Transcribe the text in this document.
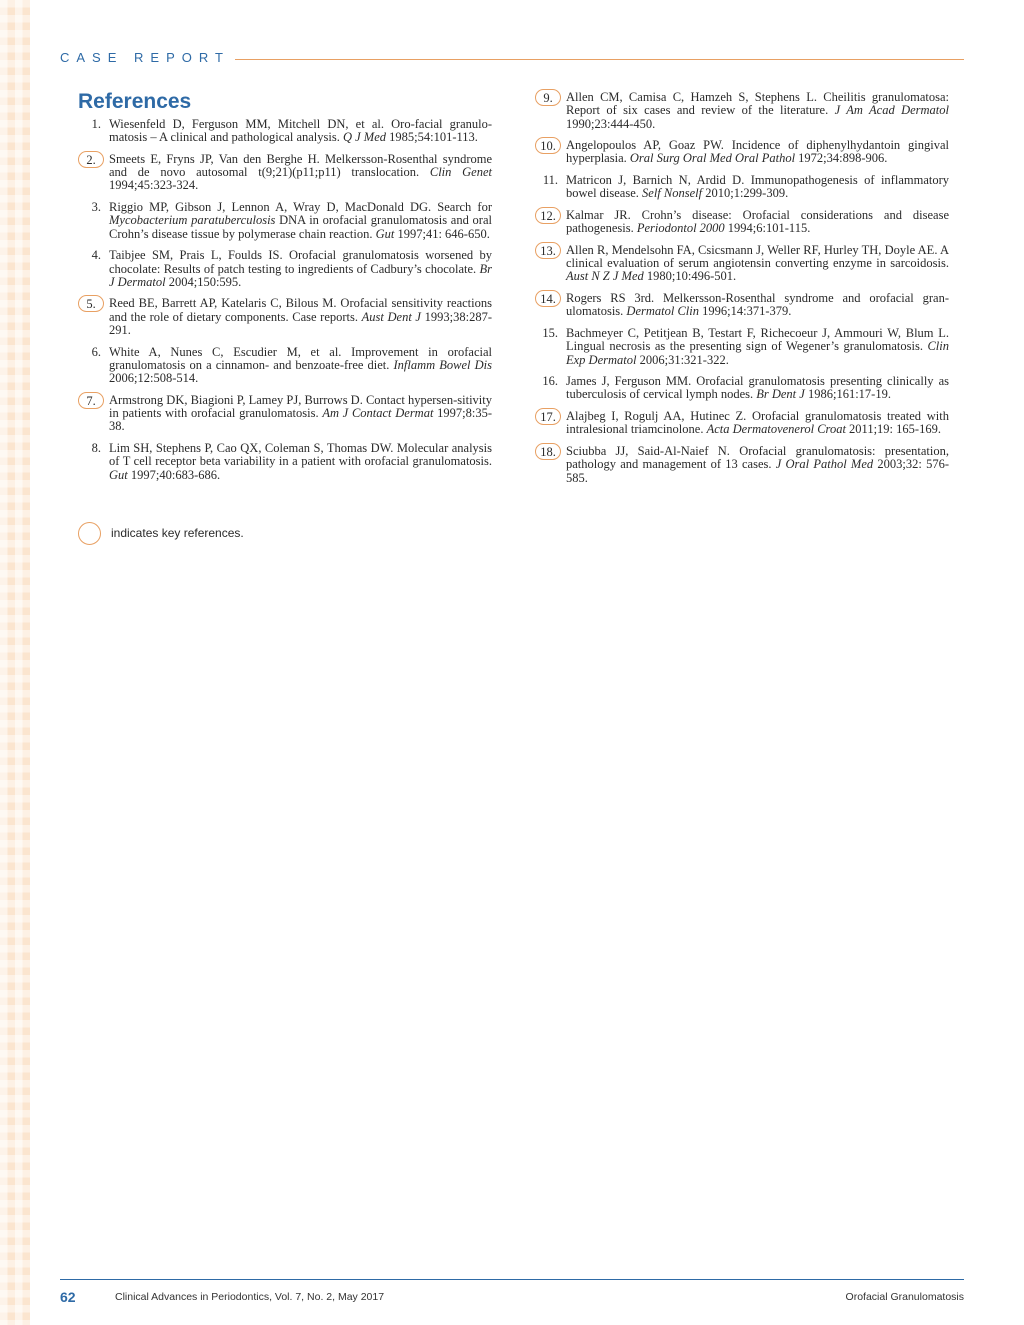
CASE REPORT
References
1. Wiesenfeld D, Ferguson MM, Mitchell DN, et al. Oro-facial granulo-matosis – A clinical and pathological analysis. Q J Med 1985;54:101-113.
2.	Smeets E, Fryns JP, Van den Berghe H. Melkersson-Rosenthal syndrome and de novo autosomal t(9;21)(p11;p11) translocation. Clin Genet 1994;45:323-324.
3. Riggio MP, Gibson J, Lennon A, Wray D, MacDonald DG. Search for Mycobacterium paratuberculosis DNA in orofacial granulomatosis and oral Crohn’s disease tissue by polymerase chain reaction. Gut 1997;41: 646-650.
4. Taibjee SM, Prais L, Foulds IS. Orofacial granulomatosis worsened by chocolate: Results of patch testing to ingredients of Cadbury’s chocolate. Br J Dermatol 2004;150:595.
5.	Reed BE, Barrett AP, Katelaris C, Bilous M. Orofacial sensitivity reactions and the role of dietary components. Case reports. Aust Dent J 1993;38:287-291.
6. White A, Nunes C, Escudier M, et al. Improvement in orofacial granulomatosis on a cinnamon- and benzoate-free diet. Inflamm Bowel Dis 2006;12:508-514.
7.	Armstrong DK, Biagioni P, Lamey PJ, Burrows D. Contact hypersen-sitivity in patients with orofacial granulomatosis. Am J Contact Dermat 1997;8:35-38.
8. Lim SH, Stephens P, Cao QX, Coleman S, Thomas DW. Molecular analysis of T cell receptor beta variability in a patient with orofacial granulomatosis. Gut 1997;40:683-686.
9.	Allen CM, Camisa C, Hamzeh S, Stephens L. Cheilitis granulomatosa: Report of six cases and review of the literature. J Am Acad Dermatol 1990;23:444-450.
10. Angelopoulos AP, Goaz PW. Incidence of diphenylhydantoin gingival hyperplasia. Oral Surg Oral Med Oral Pathol 1972;34:898-906.
11. Matricon J, Barnich N, Ardid D. Immunopathogenesis of inflammatory bowel disease. Self Nonself 2010;1:299-309.
12. Kalmar JR. Crohn’s disease: Orofacial considerations and disease pathogenesis. Periodontol 2000 1994;6:101-115.
13. Allen R, Mendelsohn FA, Csicsmann J, Weller RF, Hurley TH, Doyle AE. A clinical evaluation of serum angiotensin converting enzyme in sarcoidosis. Aust N Z J Med 1980;10:496-501.
14. Rogers RS 3rd. Melkersson-Rosenthal syndrome and orofacial gran-ulomatosis. Dermatol Clin 1996;14:371-379.
15. Bachmeyer C, Petitjean B, Testart F, Richecoeur J, Ammouri W, Blum L. Lingual necrosis as the presenting sign of Wegener’s granulomatosis. Clin Exp Dermatol 2006;31:321-322.
16. James J, Ferguson MM. Orofacial granulomatosis presenting clinically as tuberculosis of cervical lymph nodes. Br Dent J 1986;161:17-19.
17. Alajbeg I, Rogulj AA, Hutinec Z. Orofacial granulomatosis treated with intralesional triamcinolone. Acta Dermatovenerol Croat 2011;19: 165-169.
18. Sciubba JJ, Said-Al-Naief N. Orofacial granulomatosis: presentation, pathology and management of 13 cases. J Oral Pathol Med 2003;32: 576-585.
indicates key references.
62	Clinical Advances in Periodontics, Vol. 7, No. 2, May 2017	Orofacial Granulomatosis
